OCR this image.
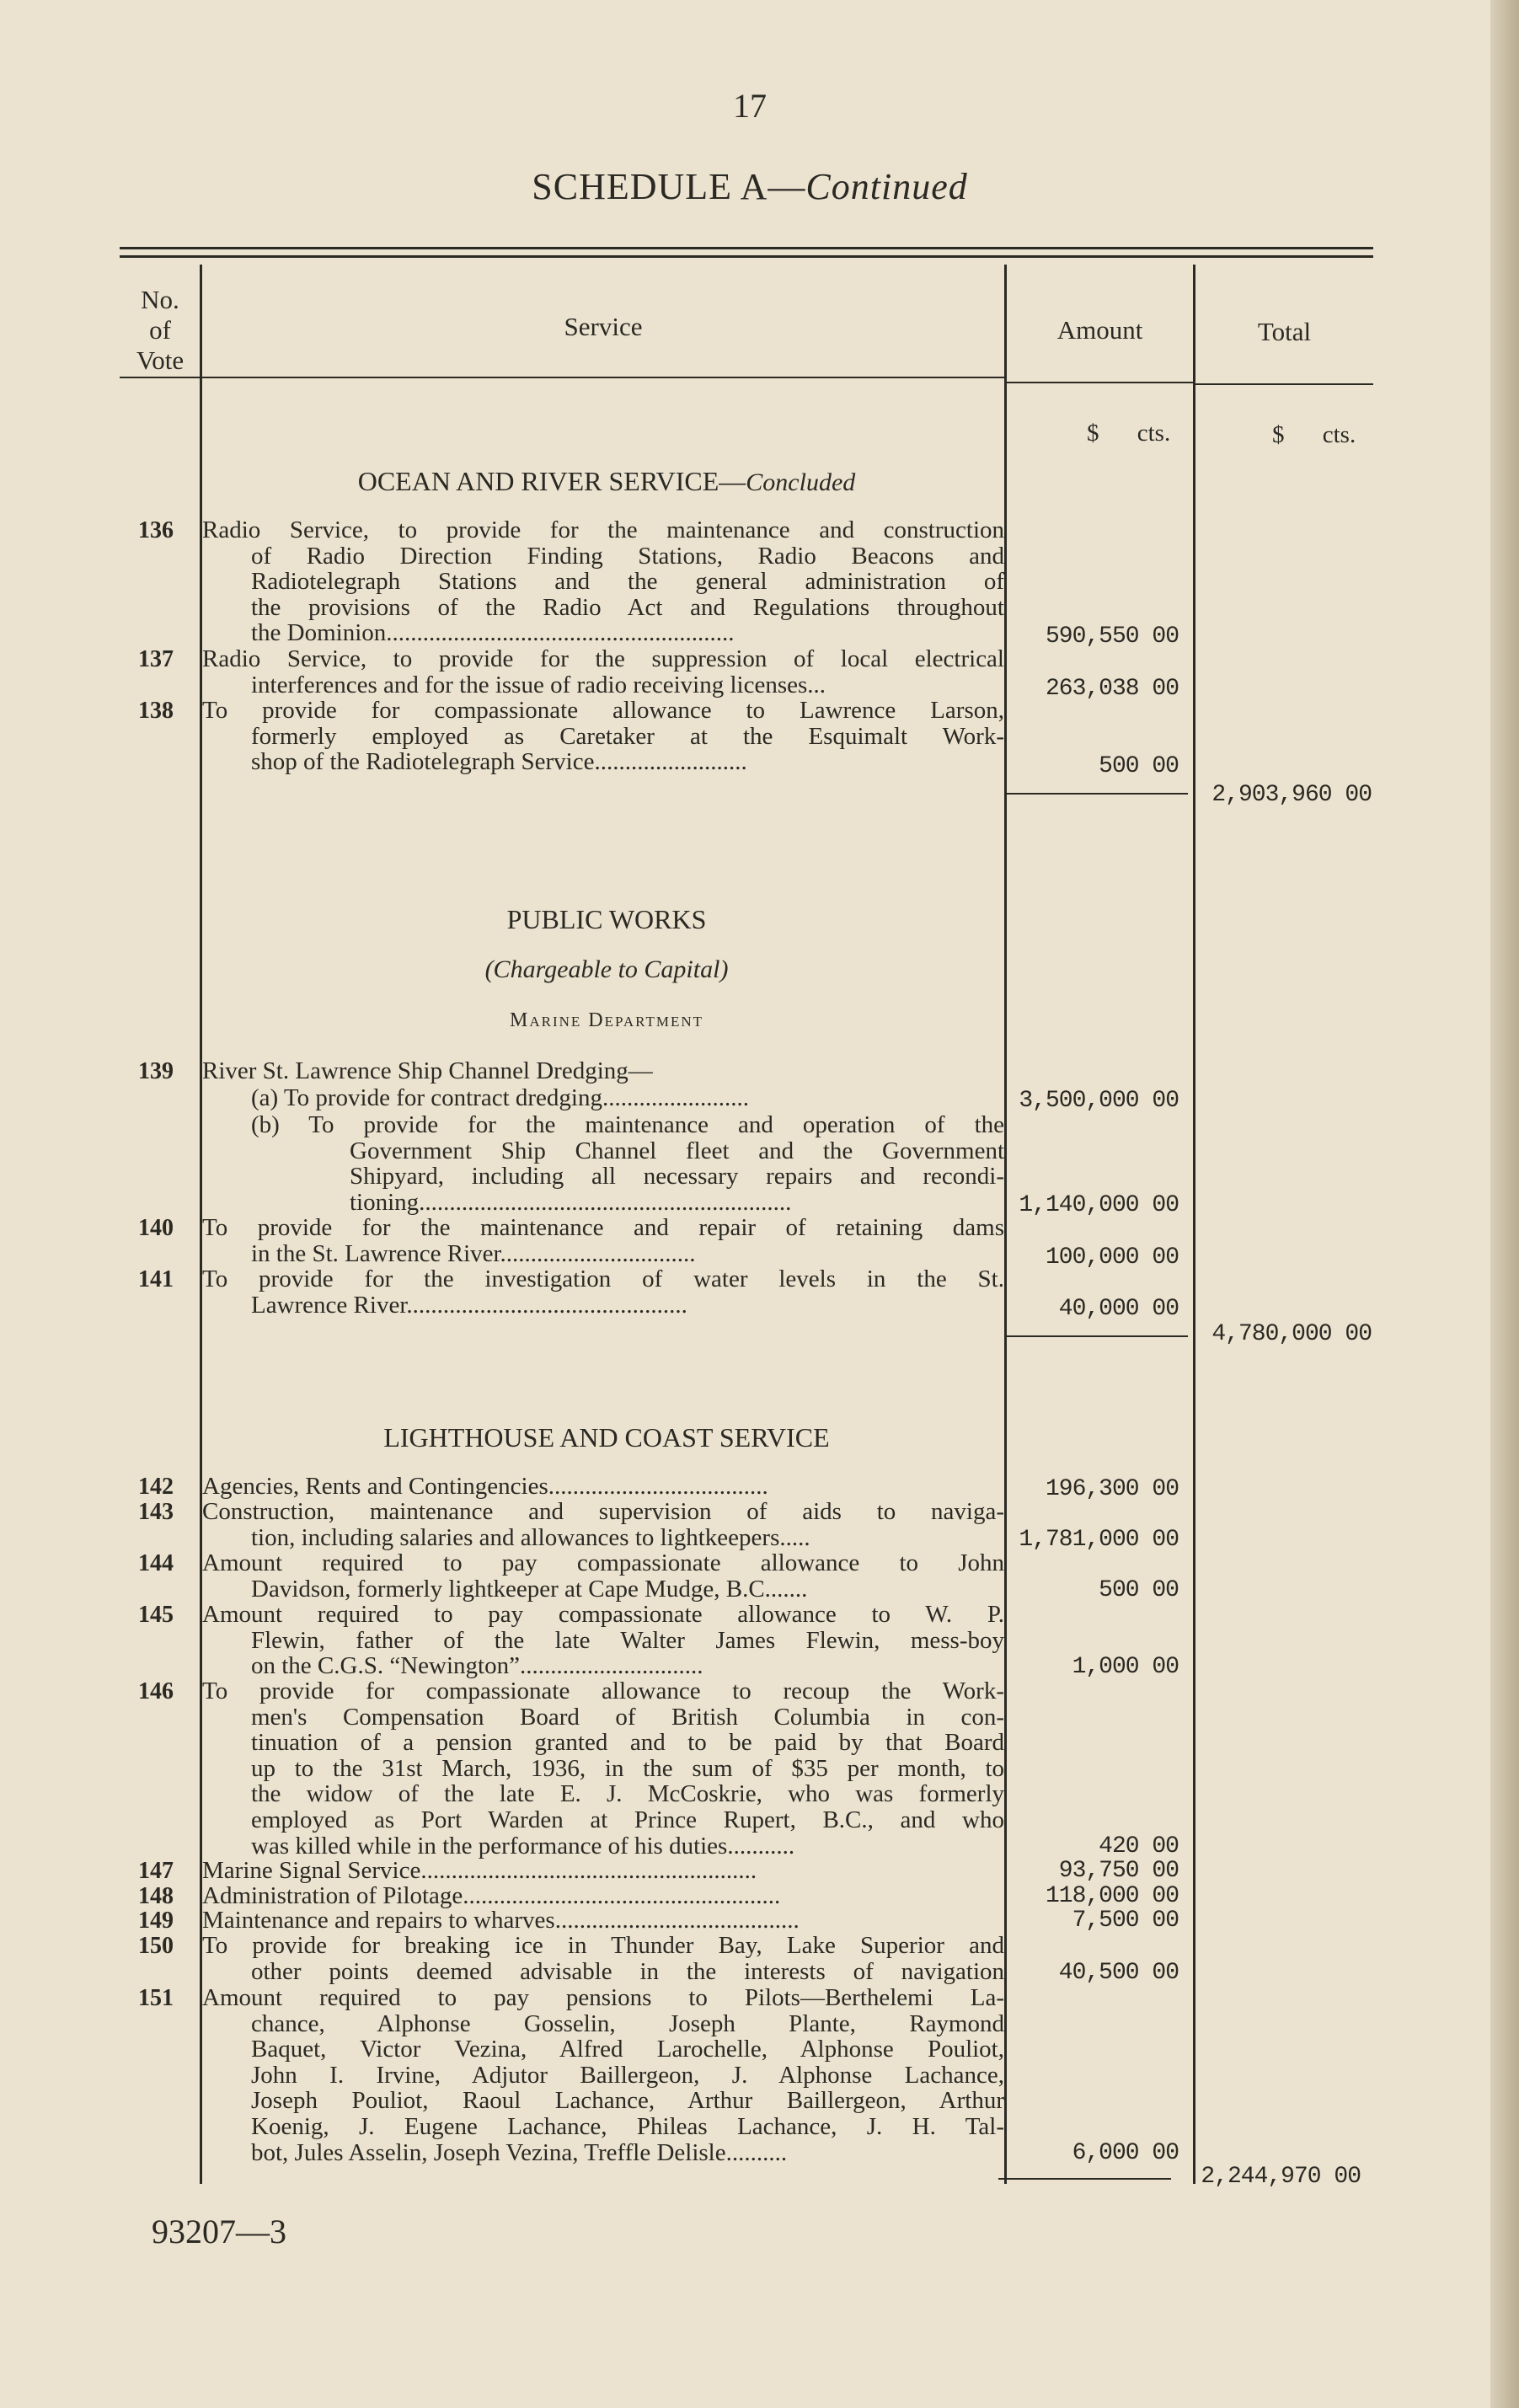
17
SCHEDULE A—Continued
No.
of
Vote
Service	Amount	Total
$ cts.	$ cts.
OCEAN AND RIVER SERVICE—Concluded
136	Radio Service, to provide for the maintenance and construction
of Radio Direction Finding Stations, Radio Beacons and
Radiotelegraph Stations and the general administration of
the provisions of the Radio Act and Regulations throughout
the Dominion.........................................................	590,550 00
137	Radio Service, to provide for the suppression of local electrical
interferences and for the issue of radio receiving licenses...	263,038 00
138	To provide for compassionate allowance to Lawrence Larson,
formerly employed as Caretaker at the Esquimalt Work-
shop of the Radiotelegraph Service.........................	500 00
2,903,960 00
PUBLIC WORKS
(Chargeable to Capital)
Marine Department
139	River St. Lawrence Ship Channel Dredging—
(a) To provide for contract dredging........................	3,500,000 00
(b) To provide for the maintenance and operation of the
Government Ship Channel fleet and the Government
Shipyard, including all necessary repairs and recondi-
tioning.............................................................	1,140,000 00
140	To provide for the maintenance and repair of retaining dams
in the St. Lawrence River................................	100,000 00
141	To provide for the investigation of water levels in the St.
Lawrence River..............................................	40,000 00
4,780,000 00
LIGHTHOUSE AND COAST SERVICE
142	Agencies, Rents and Contingencies....................................	196,300 00
143	Construction, maintenance and supervision of aids to naviga-
tion, including salaries and allowances to lightkeepers.....	1,781,000 00
144	Amount required to pay compassionate allowance to John
Davidson, formerly lightkeeper at Cape Mudge, B.C.......	500 00
145	Amount required to pay compassionate allowance to W. P.
Flewin, father of the late Walter James Flewin, mess-boy
on the C.G.S. “Newington”..............................	1,000 00
146	To provide for compassionate allowance to recoup the Work-
men's Compensation Board of British Columbia in con-
tinuation of a pension granted and to be paid by that Board
up to the 31st March, 1936, in the sum of $35 per month, to
the widow of the late E. J. McCoskrie, who was formerly
employed as Port Warden at Prince Rupert, B.C., and who
was killed while in the performance of his duties...........	420 00
147	Marine Signal Service.......................................................	93,750 00
148	Administration of Pilotage....................................................	118,000 00
149	Maintenance and repairs to wharves........................................	7,500 00
150	To provide for breaking ice in Thunder Bay, Lake Superior and
other points deemed advisable in the interests of navigation	40,500 00
151	Amount required to pay pensions to Pilots—Berthelemi La-
chance, Alphonse Gosselin, Joseph Plante, Raymond
Baquet, Victor Vezina, Alfred Larochelle, Alphonse Pouliot,
John I. Irvine, Adjutor Baillergeon, J. Alphonse Lachance,
Joseph Pouliot, Raoul Lachance, Arthur Baillergeon, Arthur
Koenig, J. Eugene Lachance, Phileas Lachance, J. H. Tal-
bot, Jules Asselin, Joseph Vezina, Treffle Delisle..........	6,000 00
2,244,970 00
93207—3
